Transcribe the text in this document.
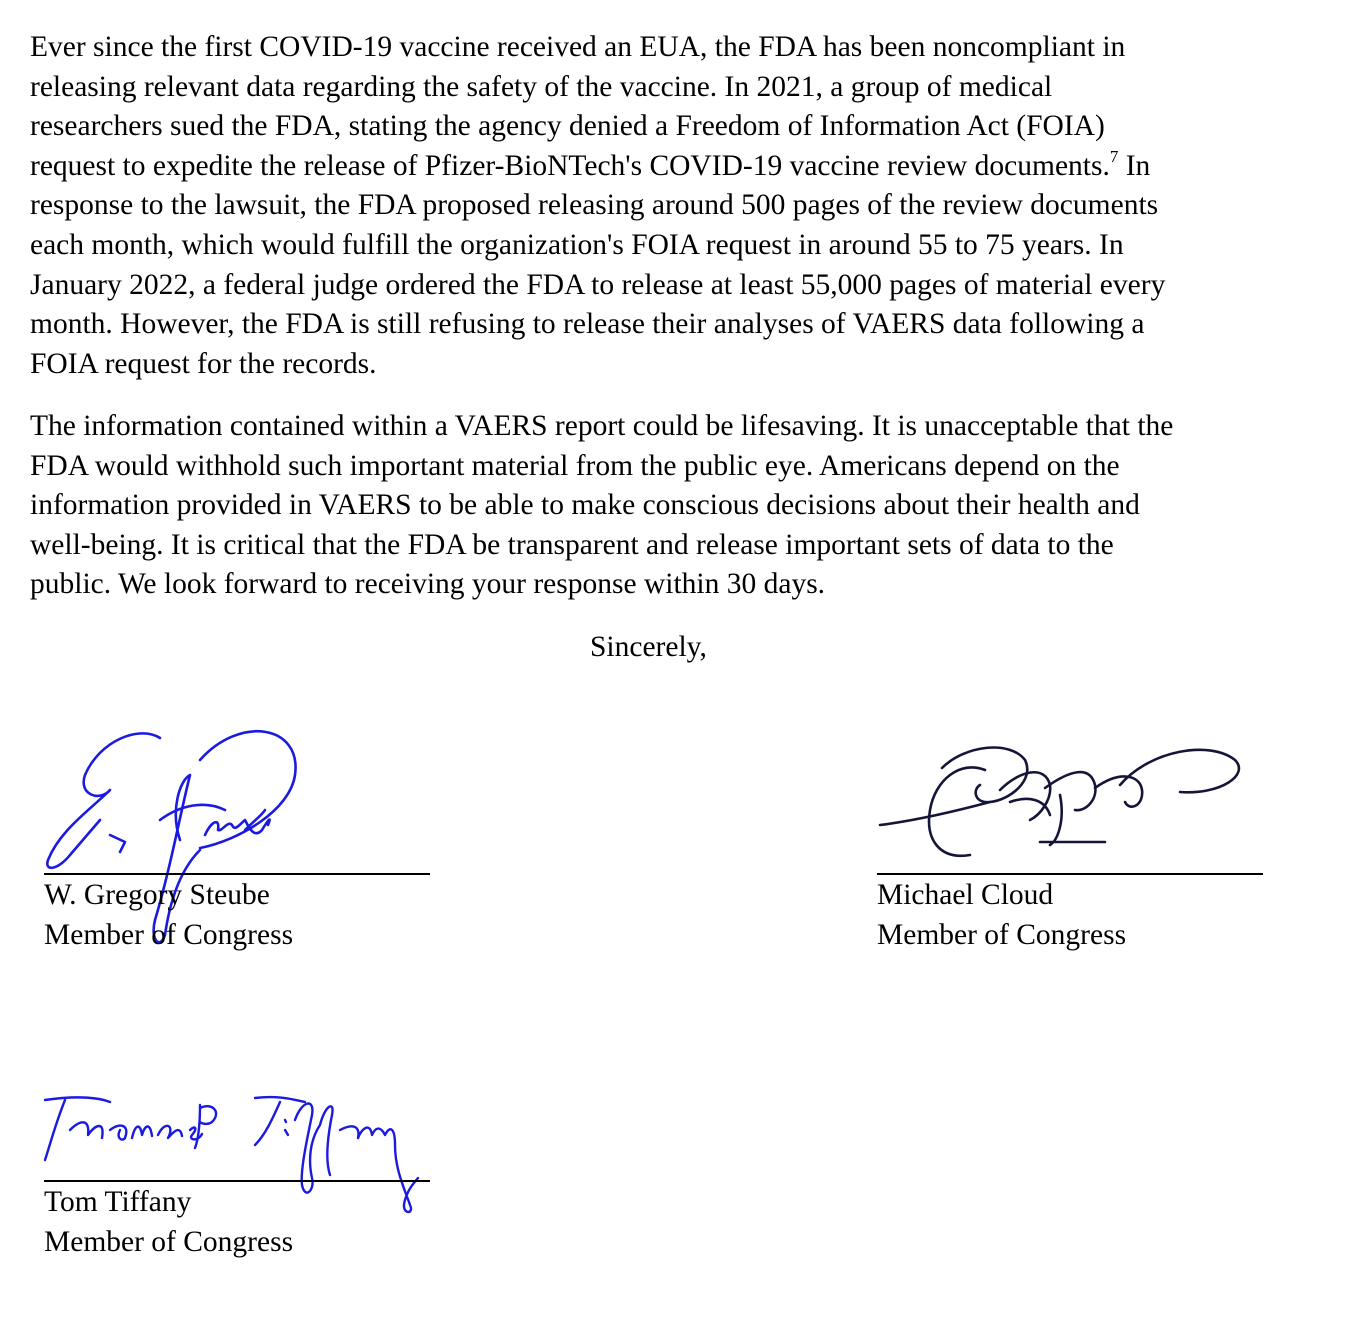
Ever since the first COVID-19 vaccine received an EUA, the FDA has been noncompliant in
releasing relevant data regarding the safety of the vaccine. In 2021, a group of medical
researchers sued the FDA, stating the agency denied a Freedom of Information Act (FOIA)
request to expedite the release of Pfizer-BioNTech's COVID-19 vaccine review documents.$^7$ In
response to the lawsuit, the FDA proposed releasing around 500 pages of the review documents
each month, which would fulfill the organization's FOIA request in around 55 to 75 years. In
January 2022, a federal judge ordered the FDA to release at least 55,000 pages of material every
month. However, the FDA is still refusing to release their analyses of VAERS data following a
FOIA request for the records.
The information contained within a VAERS report could be lifesaving. It is unacceptable that the
FDA would withhold such important material from the public eye. Americans depend on the
information provided in VAERS to be able to make conscious decisions about their health and
well-being. It is critical that the FDA be transparent and release important sets of data to the
public. We look forward to receiving your response within 30 days.
Sincerely,
W. Gregory Steube
Member of Congress
Michael Cloud
Member of Congress
Tom Tiffany
Member of Congress
